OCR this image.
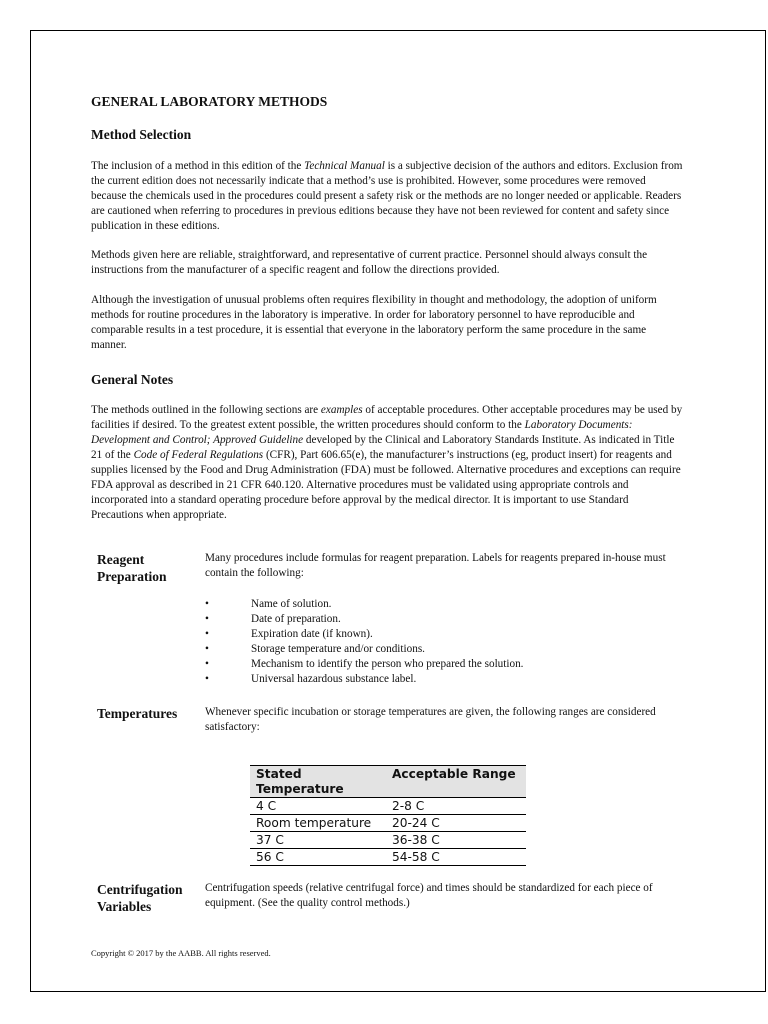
GENERAL LABORATORY METHODS
Method Selection
The inclusion of a method in this edition of the Technical Manual is a subjective decision of the authors and editors. Exclusion from the current edition does not necessarily indicate that a method’s use is prohibited. However, some procedures were removed because the chemicals used in the procedures could present a safety risk or the methods are no longer needed or applicable. Readers are cautioned when referring to procedures in previous editions because they have not been reviewed for content and safety since publication in these editions.
Methods given here are reliable, straightforward, and representative of current practice. Personnel should always consult the instructions from the manufacturer of a specific reagent and follow the directions provided.
Although the investigation of unusual problems often requires flexibility in thought and methodology, the adoption of uniform methods for routine procedures in the laboratory is imperative. In order for laboratory personnel to have reproducible and comparable results in a test procedure, it is essential that everyone in the laboratory perform the same procedure in the same manner.
General Notes
The methods outlined in the following sections are examples of acceptable procedures. Other acceptable procedures may be used by facilities if desired. To the greatest extent possible, the written procedures should conform to the Laboratory Documents: Development and Control; Approved Guideline developed by the Clinical and Laboratory Standards Institute. As indicated in Title 21 of the Code of Federal Regulations (CFR), Part 606.65(e), the manufacturer’s instructions (eg, product insert) for reagents and supplies licensed by the Food and Drug Administration (FDA) must be followed. Alternative procedures and exceptions can require FDA approval as described in 21 CFR 640.120. Alternative procedures must be validated using appropriate controls and incorporated into a standard operating procedure before approval by the medical director. It is important to use Standard Precautions when appropriate.
Reagent
Preparation
Many procedures include formulas for reagent preparation. Labels for reagents prepared in-house must contain the following:
•	Name of solution.
•	Date of preparation.
•	Expiration date (if known).
•	Storage temperature and/or conditions.
•	Mechanism to identify the person who prepared the solution.
•	Universal hazardous substance label.
Temperatures	Whenever specific incubation or storage temperatures are given, the following ranges are considered satisfactory:
Stated Temperature	Acceptable Range
4 C	2-8 C
Room temperature	20-24 C
37 C	36-38 C
56 C	54-58 C
Centrifugation
Variables
Centrifugation speeds (relative centrifugal force) and times should be standardized for each piece of equipment. (See the quality control methods.)
Copyright © 2017 by the AABB. All rights reserved.
